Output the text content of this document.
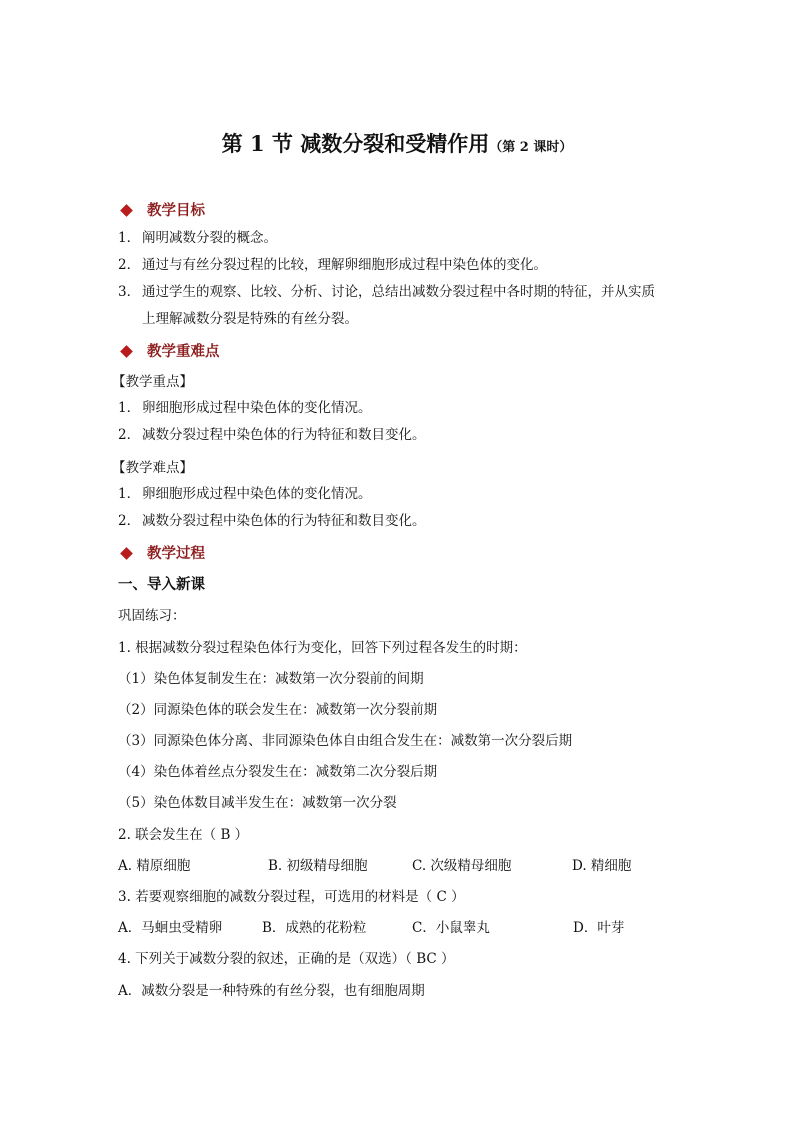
第 1 节 减数分裂和受精作用（第 2 课时）
教学目标
1． 阐明减数分裂的概念。
2． 通过与有丝分裂过程的比较，理解卵细胞形成过程中染色体的变化。
3． 通过学生的观察、比较、分析、讨论，总结出减数分裂过程中各时期的特征，并从实质
上理解减数分裂是特殊的有丝分裂。
教学重难点
【教学重点】
1． 卵细胞形成过程中染色体的变化情况。
2． 减数分裂过程中染色体的行为特征和数目变化。
【教学难点】
1． 卵细胞形成过程中染色体的变化情况。
2． 减数分裂过程中染色体的行为特征和数目变化。
教学过程
一、导入新课
巩固练习：
1. 根据减数分裂过程染色体行为变化，回答下列过程各发生的时期：
（1）染色体复制发生在：减数第一次分裂前的间期
（2）同源染色体的联会发生在：减数第一次分裂前期
（3）同源染色体分离、非同源染色体自由组合发生在：减数第一次分裂后期
（4）染色体着丝点分裂发生在：减数第二次分裂后期
（5）染色体数目减半发生在：减数第一次分裂
2. 联会发生在（ B ）
A. 精原细胞	B. 初级精母细胞	C. 次级精母细胞	D. 精细胞
3. 若要观察细胞的减数分裂过程，可选用的材料是（ C ）
A．马蛔虫受精卵	B．成熟的花粉粒	C．小鼠睾丸	D．叶芽
4. 下列关于减数分裂的叙述，正确的是（双选）（ BC ）
A．减数分裂是一种特殊的有丝分裂，也有细胞周期
